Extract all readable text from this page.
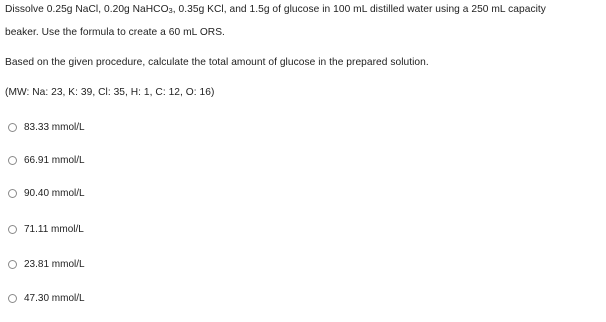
Dissolve 0.25g NaCl, 0.20g NaHCO$_3$, 0.35g KCl, and 1.5g of glucose in 100 mL distilled water using a 250 mL capacity
beaker. Use the formula to create a 60 mL ORS.
Based on the given procedure, calculate the total amount of glucose in the prepared solution.
(MW: Na: 23, K: 39, Cl: 35, H: 1, C: 12, O: 16)
83.33 mmol/L
66.91 mmol/L
90.40 mmol/L
71.11 mmol/L
23.81 mmol/L
47.30 mmol/L
